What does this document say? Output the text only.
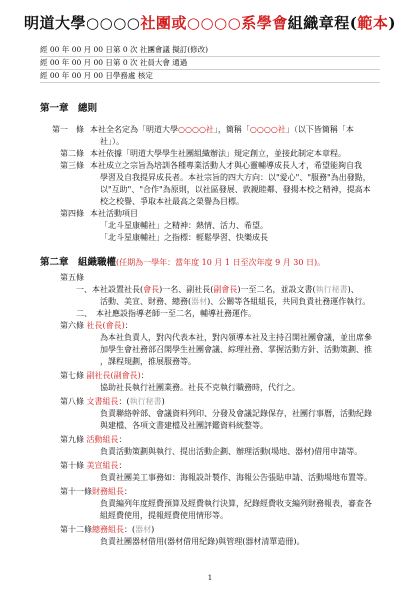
明道大學○○○○社團或○○○○系學會組織章程(範本)
經 00 年 00 月 00 日第 0 次 社團會議 擬訂(修改)
經 00 年 00 月 00 日第 0 次 社員大會 通過
經 00 年 00 月 00 日學務處 核定
第一章　總則
第一　條 本社全名定為「明道大學○○○○社」，簡稱「○○○○社」（以下皆簡稱「本
社」）。
第二條 本社依據「明道大學學生社團組織辦法」規定創立，並接此制定本章程。
第三條 本社成立之宗旨為培訓各種專業活動人才與心靈輔導成長人才，希望能夠自我
學習及自我提昇成長者。本社宗旨的四大方向：以"愛心"、"服務"為出發點，
以"互助"、"合作"為原則，以社區發展、敦親睦鄰、發揚本校之精神，提高本
校之校譽、爭取本社最高之榮譽為目標。
第四條 本社活動項目
「北斗星康輔社」之精神：熱情、活力、希望。
「北斗星康輔社」之指標：輕鬆學習、快樂成長
第二章　組織職權(任期為一學年：當年度 10 月 1 日至次年度 9 月 30 日)。
第五條
一、本社設置社長(會長)一名、副社長(副會長)一至二名，並設文書(執行秘書)、
活動、美宣、財務、總務(器材)、公關等各組組長，共同負責社務運作執行。
二、　本社應設指導老師一至二名，輔導社務運作。
第六條 社長(會長)：
為本社負責人，對內代表本社，對內領導本社及主持召開社團會議，並出席參
加學生會社務部召開學生社團會議、綜理社務、掌握活動方針、活動策劃、推
，課程規劃，推展服務等。
第七條 副社長(副會長)：
協助社長執行社團業務。社長不克執行職務時，代行之。
第八條 文書組長：(執行秘書)
負責聯絡幹部、會議資料列印、分發及會議記錄保存，社團行事曆，活動紀錄
與建檔、各項文書建檔及社團評鑑資料統整等。
第九條 活動組長：
負責活動策劃與執行、提出活動企劃、辦理活動(場地、器材)借用申請等。
第十條 美宣組長：
負責社團美工事務如：海報設計製作、海報公告張貼申請、活動場地布置等。
第十一條財務組長：
負責編列年度經費預算及經費執行決算，紀錄經費收支編列財務報表，審查各
組經費使用，提報經費使用情形等。
第十二條總務組長：(器材)
負責社團器材借用(器材借用紀錄)與管理(器材清單造冊)。
1
